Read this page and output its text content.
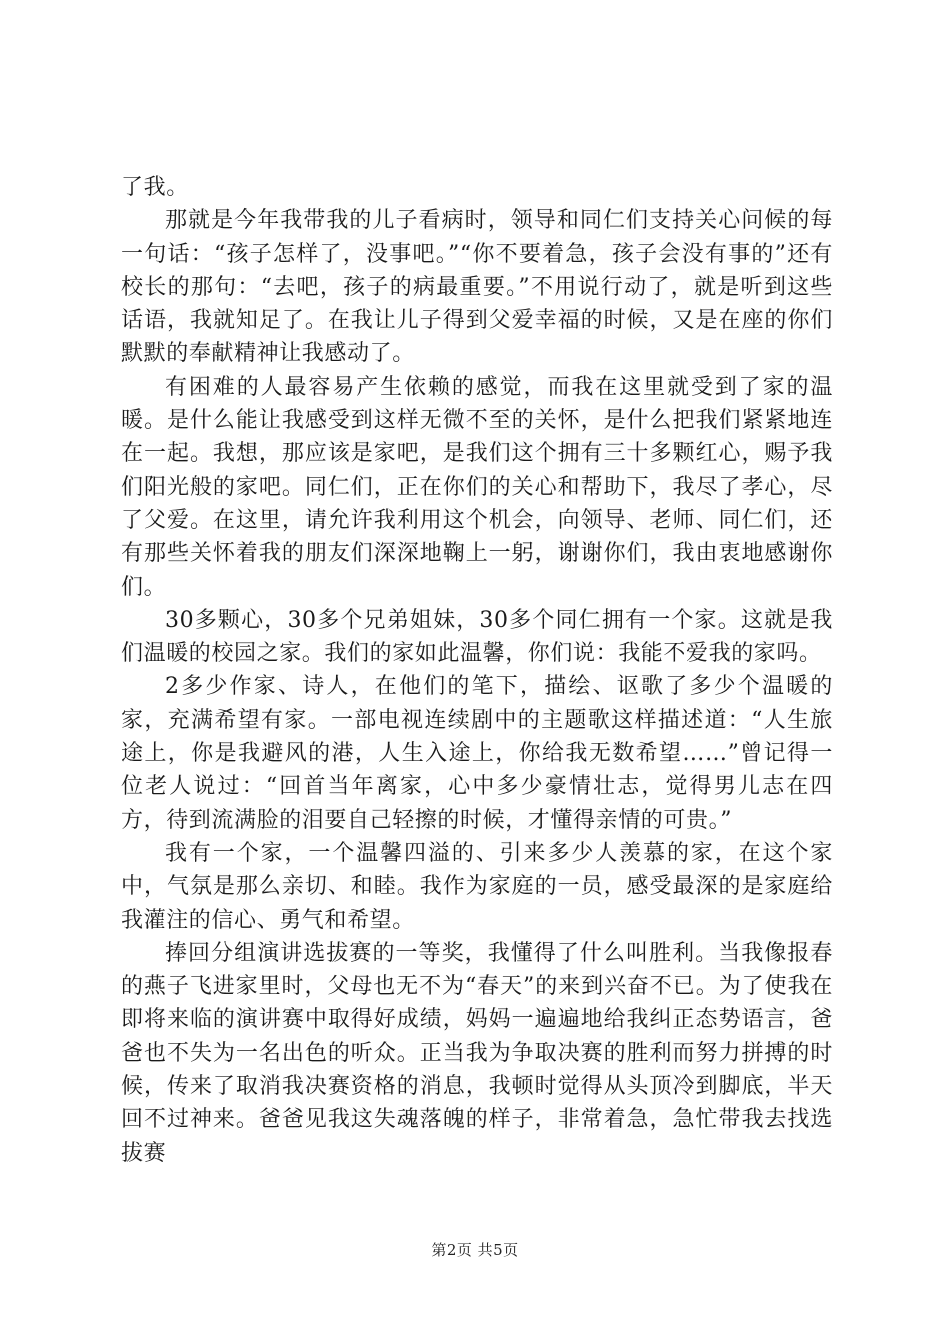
了我。

那就是今年我带我的儿子看病时，领导和同仁们支持关心问候的每一句话：“孩子怎样了，没事吧。”“你不要着急，孩子会没有事的”还有校长的那句：“去吧，孩子的病最重要。”不用说行动了，就是听到这些话语，我就知足了。在我让儿子得到父爱幸福的时候，又是在座的你们默默的奉献精神让我感动了。

有困难的人最容易产生依赖的感觉，而我在这里就受到了家的温暖。是什么能让我感受到这样无微不至的关怀，是什么把我们紧紧地连在一起。我想，那应该是家吧，是我们这个拥有三十多颗红心，赐予我们阳光般的家吧。同仁们，正在你们的关心和帮助下，我尽了孝心，尽了父爱。在这里，请允许我利用这个机会，向领导、老师、同仁们，还有那些关怀着我的朋友们深深地鞠上一躬，谢谢你们，我由衷地感谢你们。

30多颗心，30多个兄弟姐妹，30多个同仁拥有一个家。这就是我们温暖的校园之家。我们的家如此温馨，你们说：我能不爱我的家吗。

2多少作家、诗人，在他们的笔下，描绘、讴歌了多少个温暖的家，充满希望有家。一部电视连续剧中的主题歌这样描述道：“人生旅途上，你是我避风的港，人生入途上，你给我无数希望……”曾记得一位老人说过：“回首当年离家，心中多少豪情壮志，觉得男儿志在四方，待到流满脸的泪要自己轻擦的时候，才懂得亲情的可贵。”

我有一个家，一个温馨四溢的、引来多少人羡慕的家，在这个家中，气氛是那么亲切、和睦。我作为家庭的一员，感受最深的是家庭给我灌注的信心、勇气和希望。

捧回分组演讲选拔赛的一等奖，我懂得了什么叫胜利。当我像报春的燕子飞进家里时，父母也无不为“春天”的来到兴奋不已。为了使我在即将来临的演讲赛中取得好成绩，妈妈一遍遍地给我纠正态势语言，爸爸也不失为一名出色的听众。正当我为争取决赛的胜利而努力拼搏的时候，传来了取消我决赛资格的消息，我顿时觉得从头顶冷到脚底，半天回不过神来。爸爸见我这失魂落魄的样子，非常着急，急忙带我去找选拔赛

第2页 共5页
